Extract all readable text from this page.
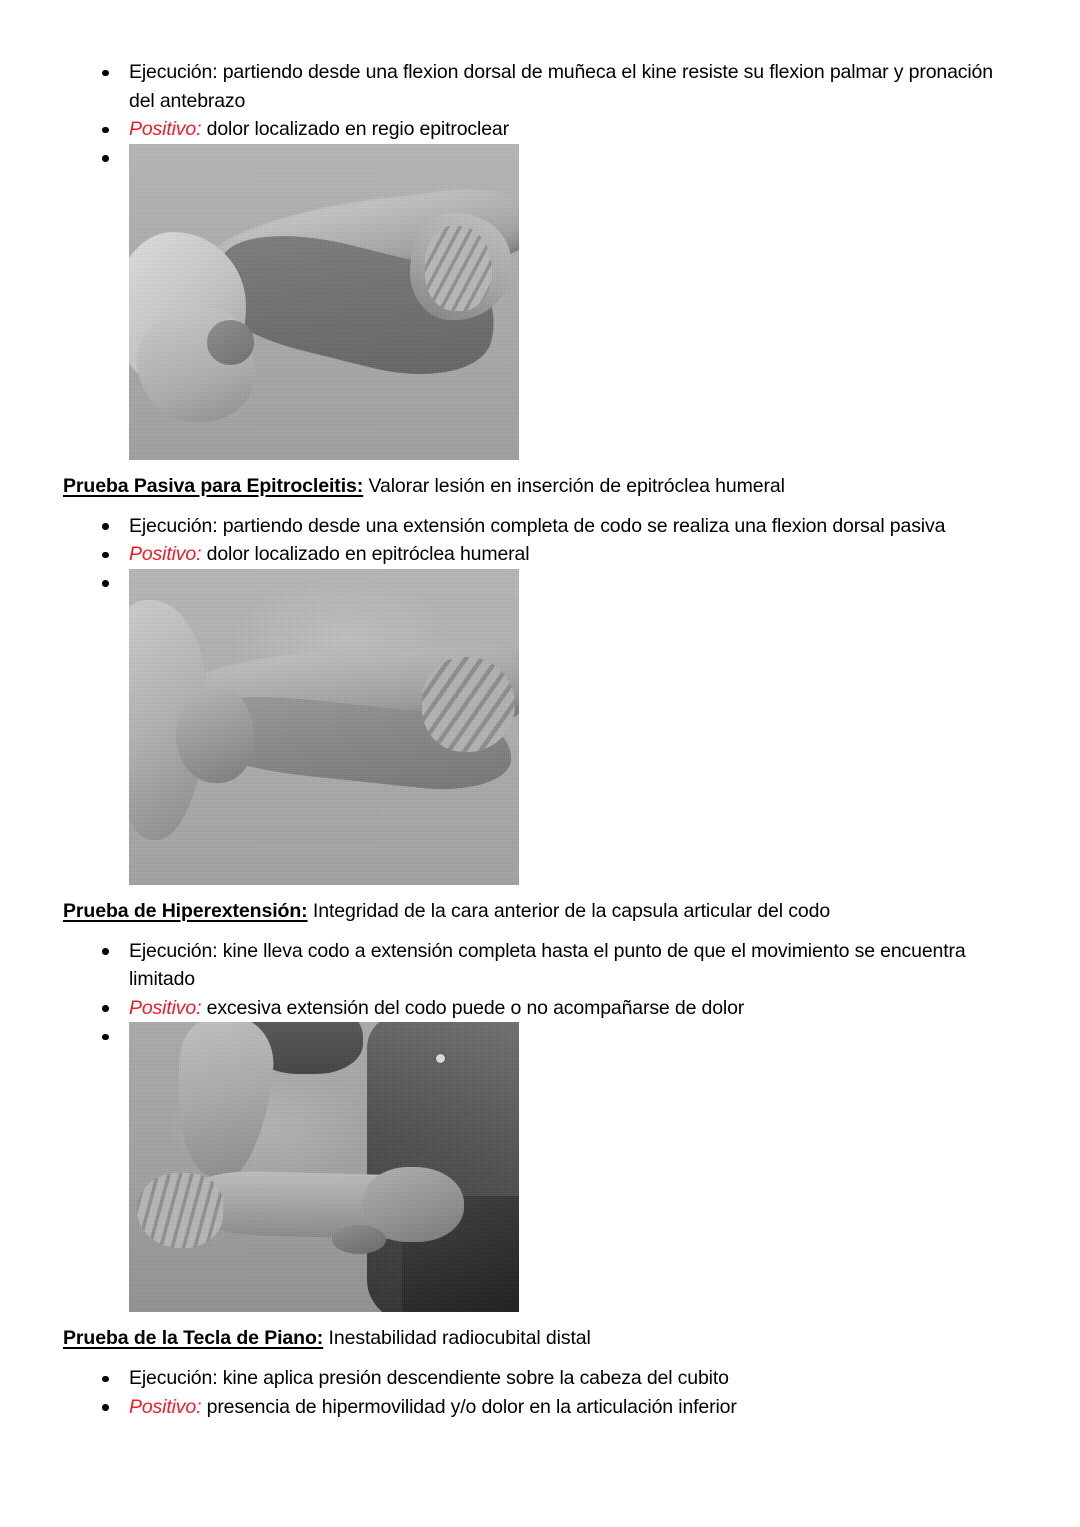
Ejecución: partiendo desde una flexion dorsal de muñeca el kine resiste su flexion palmar y pronación del antebrazo
Positivo: dolor localizado en regio epitroclear

Prueba Pasiva para Epitrocleitis: Valorar lesión en inserción de epitróclea humeral

Ejecución: partiendo desde una extensión completa de codo se realiza una flexion dorsal pasiva
Positivo: dolor localizado en epitróclea humeral

Prueba de Hiperextensión: Integridad de la cara anterior de la capsula articular del codo

Ejecución: kine lleva codo a extensión completa hasta el punto de que el movimiento se encuentra limitado
Positivo: excesiva extensión del codo puede o no acompañarse de dolor

Prueba de la Tecla de Piano: Inestabilidad radiocubital distal

Ejecución: kine aplica presión descendiente sobre la cabeza del cubito
Positivo: presencia de hipermovilidad y/o dolor en la articulación inferior
